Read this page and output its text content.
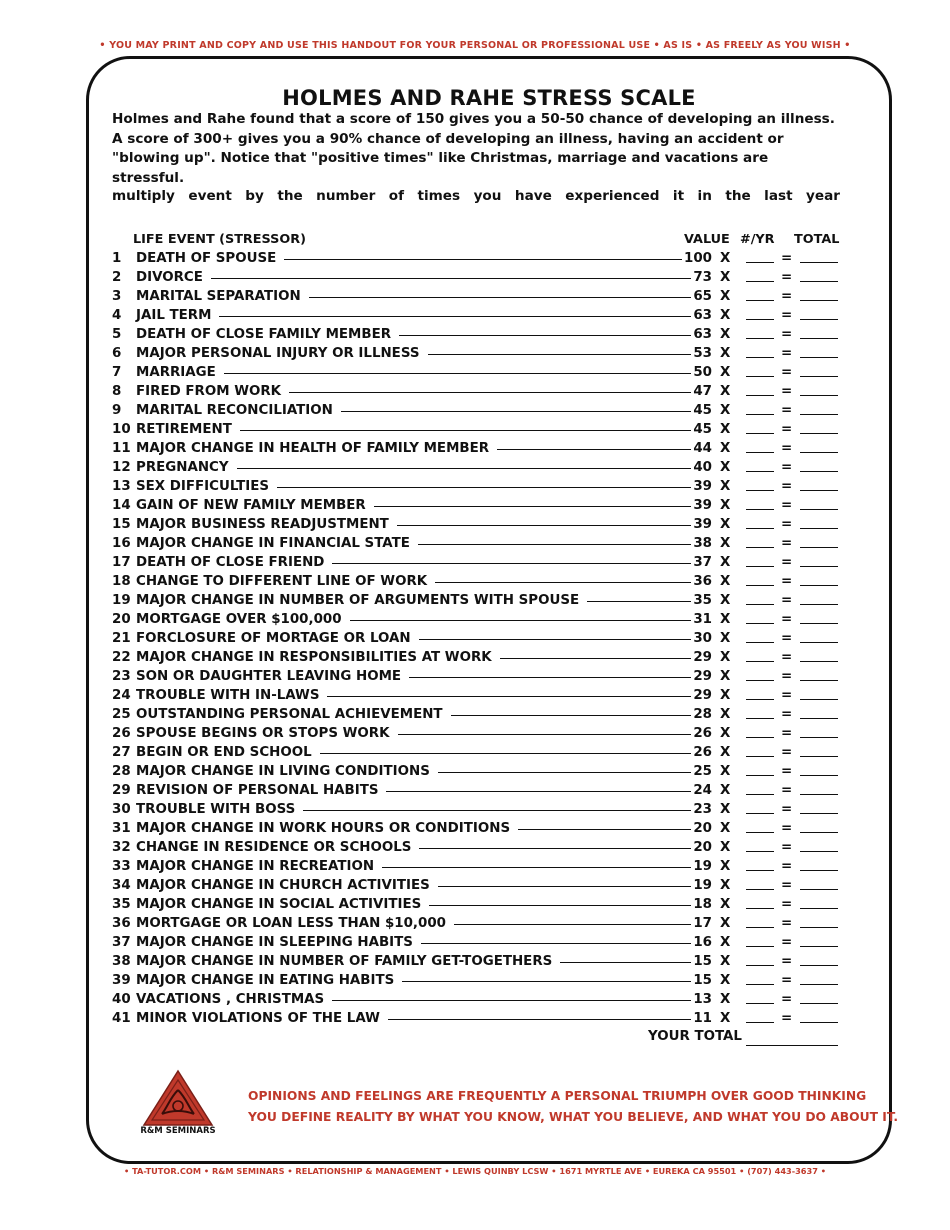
• YOU MAY PRINT AND COPY AND USE THIS HANDOUT FOR YOUR PERSONAL OR PROFESSIONAL USE • AS IS • AS FREELY AS YOU WISH •
HOLMES AND RAHE STRESS SCALE
Holmes and Rahe found that a score of 150 gives you a 50-50 chance of developing an illness. A score of 300+ gives you a 90% chance of developing an illness, having an accident or "blowing up". Notice that "positive times" like Christmas, marriage and vacations are stressful.
multiply event by the number of times you have experienced it in the last year
LIFE EVENT (STRESSOR)	VALUE #/YR TOTAL
1 DEATH OF SPOUSE	100 X	=
2 DIVORCE	73 X	=
3 MARITAL SEPARATION	65 X	=
4 JAIL TERM	63 X	=
5 DEATH OF CLOSE FAMILY MEMBER	63 X	=
6 MAJOR PERSONAL INJURY OR ILLNESS	53 X	=
7 MARRIAGE	50 X	=
8 FIRED FROM WORK	47 X	=
9 MARITAL RECONCILIATION	45 X	=
10 RETIREMENT	45 X	=
11 MAJOR CHANGE IN HEALTH OF FAMILY MEMBER	44 X	=
12 PREGNANCY	40 X	=
13 SEX DIFFICULTIES	39 X	=
14 GAIN OF NEW FAMILY MEMBER	39 X	=
15 MAJOR BUSINESS READJUSTMENT	39 X	=
16 MAJOR CHANGE IN FINANCIAL STATE	38 X	=
17 DEATH OF CLOSE FRIEND	37 X	=
18 CHANGE TO DIFFERENT LINE OF WORK	36 X	=
19 MAJOR CHANGE IN NUMBER OF ARGUMENTS WITH SPOUSE	35 X	=
20 MORTGAGE OVER $100,000	31 X	=
21 FORCLOSURE OF MORTAGE OR LOAN	30 X	=
22 MAJOR CHANGE IN RESPONSIBILITIES AT WORK	29 X	=
23 SON OR DAUGHTER LEAVING HOME	29 X	=
24 TROUBLE WITH IN-LAWS	29 X	=
25 OUTSTANDING PERSONAL ACHIEVEMENT	28 X	=
26 SPOUSE BEGINS OR STOPS WORK	26 X	=
27 BEGIN OR END SCHOOL	26 X	=
28 MAJOR CHANGE IN LIVING CONDITIONS	25 X	=
29 REVISION OF PERSONAL HABITS	24 X	=
30 TROUBLE WITH BOSS	23 X	=
31 MAJOR CHANGE IN WORK HOURS OR CONDITIONS	20 X	=
32 CHANGE IN RESIDENCE OR SCHOOLS	20 X	=
33 MAJOR CHANGE IN RECREATION	19 X	=
34 MAJOR CHANGE IN CHURCH ACTIVITIES	19 X	=
35 MAJOR CHANGE IN SOCIAL ACTIVITIES	18 X	=
36 MORTGAGE OR LOAN LESS THAN $10,000	17 X	=
37 MAJOR CHANGE IN SLEEPING HABITS	16 X	=
38 MAJOR CHANGE IN NUMBER OF FAMILY GET-TOGETHERS	15 X	=
39 MAJOR CHANGE IN EATING HABITS	15 X	=
40 VACATIONS , CHRISTMAS	13 X	=
41 MINOR VIOLATIONS OF THE LAW	11 X	=
YOUR TOTAL
R&M SEMINARS
OPINIONS AND FEELINGS ARE FREQUENTLY A PERSONAL TRIUMPH OVER GOOD THINKING
YOU DEFINE REALITY BY WHAT YOU KNOW, WHAT YOU BELIEVE, AND WHAT YOU DO ABOUT IT.
• TA-TUTOR.COM • R&M SEMINARS • RELATIONSHIP & MANAGEMENT • LEWIS QUINBY LCSW • 1671 MYRTLE AVE • EUREKA CA 95501 • (707) 443-3637 •
